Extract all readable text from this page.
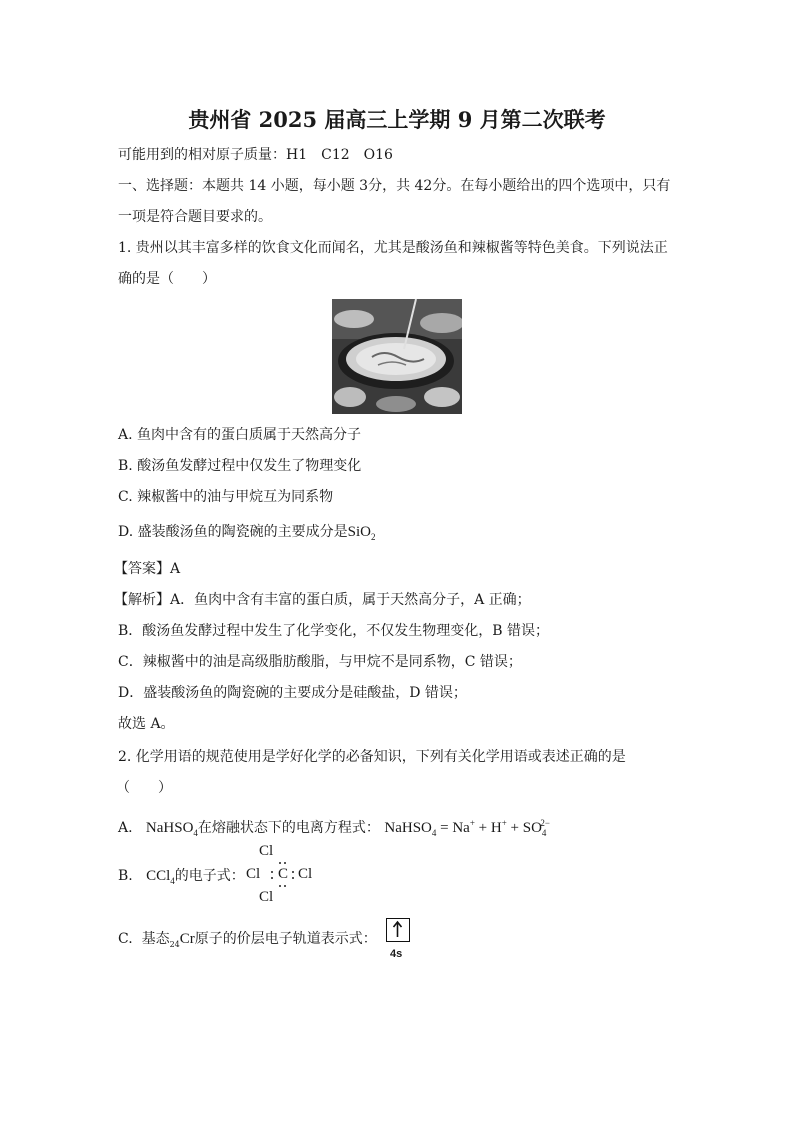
贵州省 2025 届高三上学期 9 月第二次联考
可能用到的相对原子质量：H1　C12　O16
一、选择题：本题共 14 小题，每小题 3分，共 42分。在每小题给出的四个选项中，只有
一项是符合题目要求的。
1. 贵州以其丰富多样的饮食文化而闻名，尤其是酸汤鱼和辣椒酱等特色美食。下列说法正
确的是（　　）
A. 鱼肉中含有的蛋白质属于天然高分子
B. 酸汤鱼发酵过程中仅发生了物理变化
C. 辣椒酱中的油与甲烷互为同系物
D. 盛装酸汤鱼的陶瓷碗的主要成分是SiO$_2$
【答案】A
【解析】A．鱼肉中含有丰富的蛋白质，属于天然高分子，A 正确；
B．酸汤鱼发酵过程中发生了化学变化，不仅发生物理变化，B 错误；
C．辣椒酱中的油是高级脂肪酸脂，与甲烷不是同系物，C 错误；
D．盛装酸汤鱼的陶瓷碗的主要成分是硅酸盐，D 错误；
故选 A。
2. 化学用语的规范使用是学好化学的必备知识，下列有关化学用语或表述正确的是
（　　）
A. NaHSO$_4$在熔融状态下的电离方程式： NaHSO$_4$ = $Na^+ + H^+ + SO_4^{2-}$
B. CCl$_4$的电子式：
Cl
Cl C Cl
Cl
C. 基态$_{24}$Cr原子的价层电子轨道表示式：
4s
